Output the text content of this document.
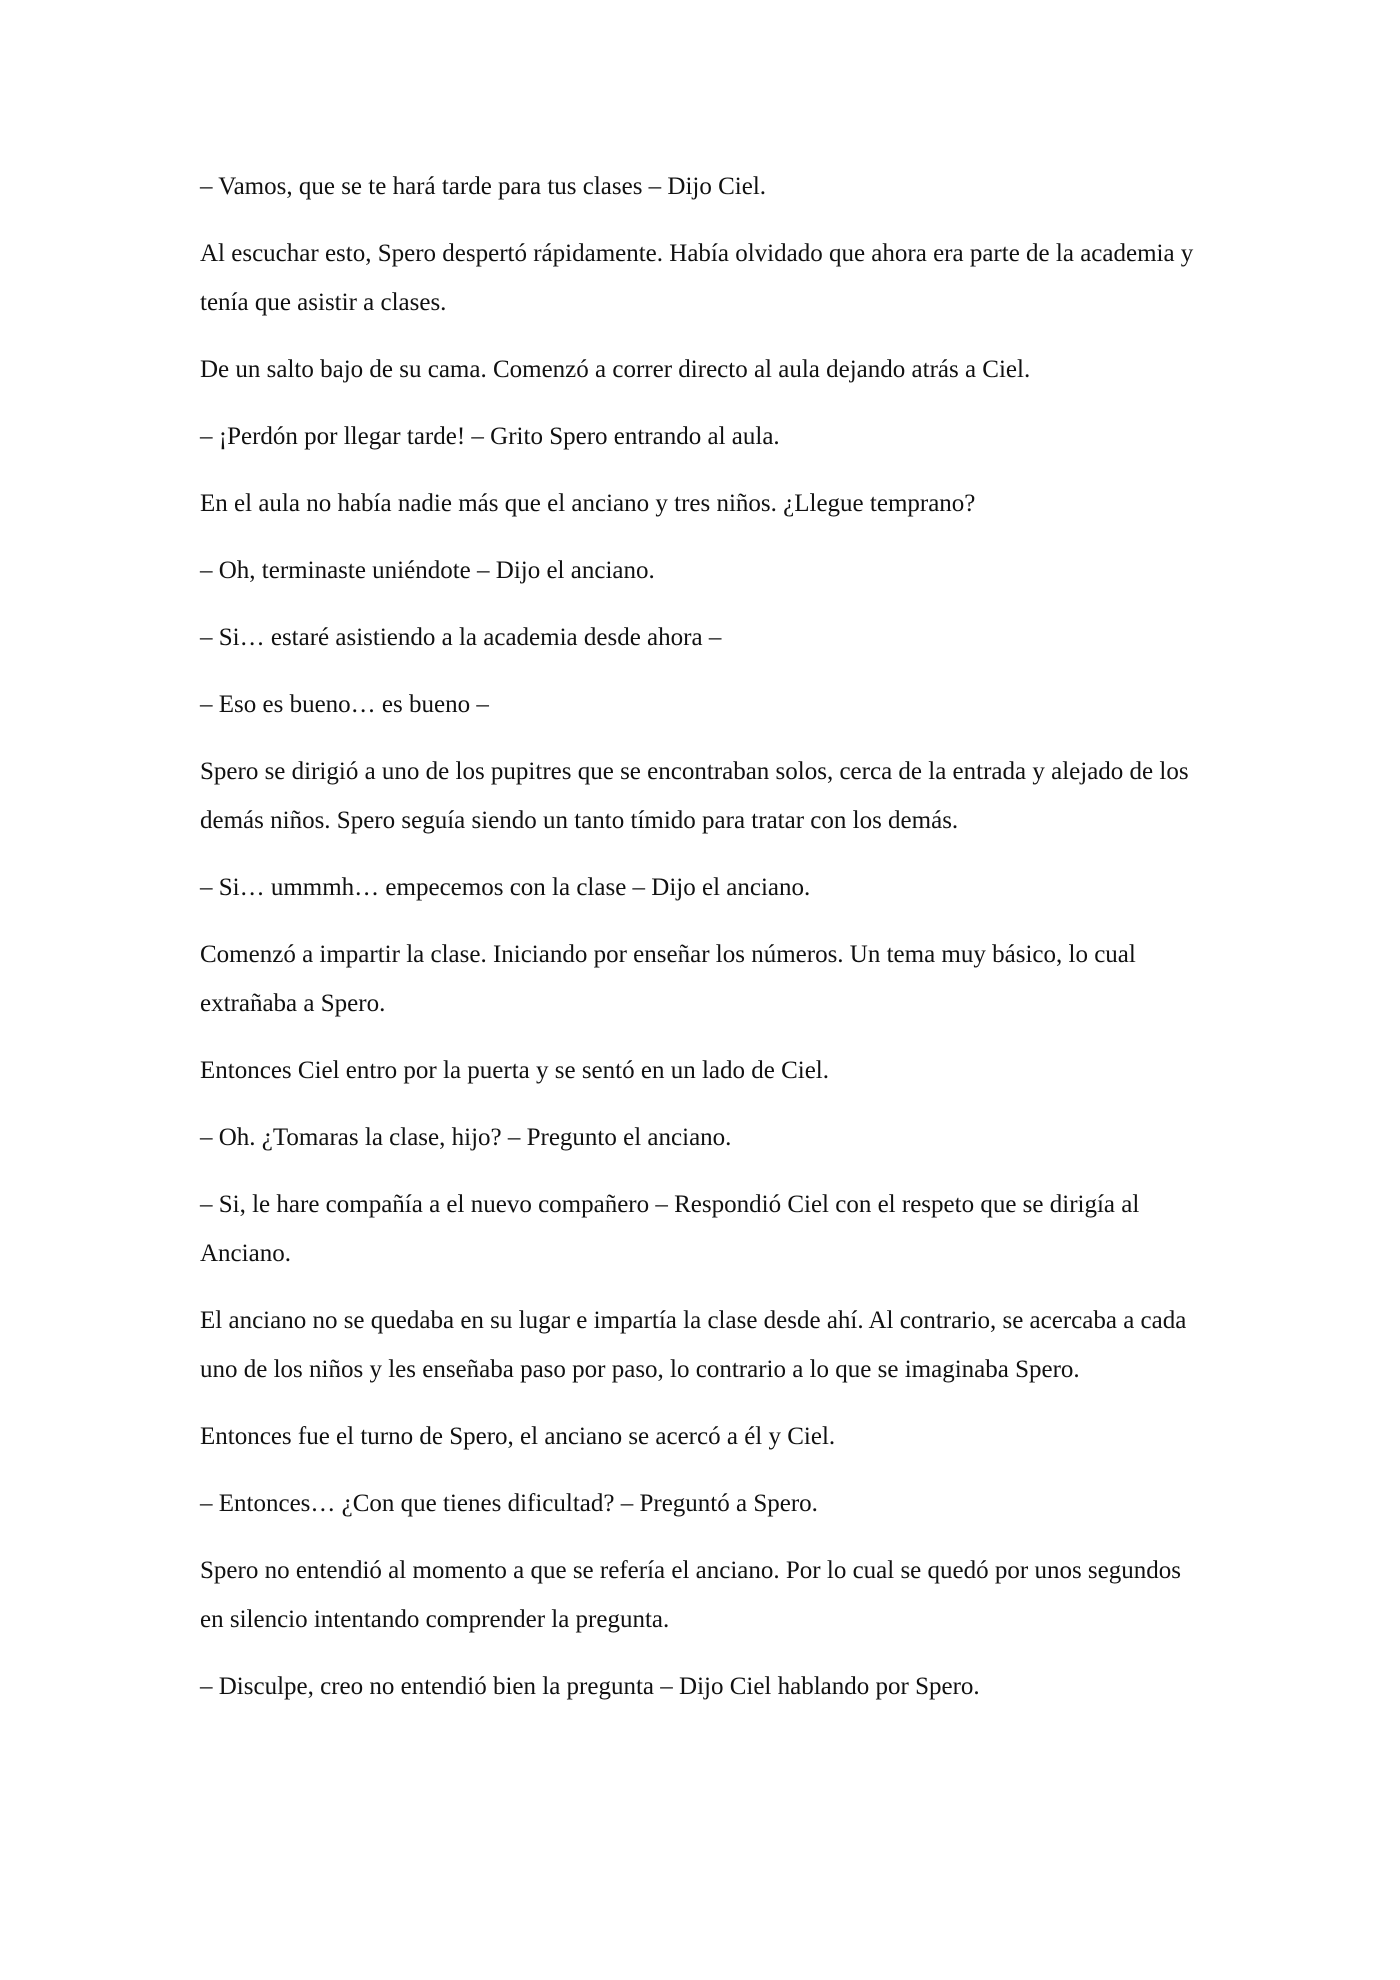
– Vamos, que se te hará tarde para tus clases – Dijo Ciel.

Al escuchar esto, Spero despertó rápidamente. Había olvidado que ahora era parte de la academia y tenía que asistir a clases.

De un salto bajo de su cama. Comenzó a correr directo al aula dejando atrás a Ciel.

– ¡Perdón por llegar tarde! – Grito Spero entrando al aula.

En el aula no había nadie más que el anciano y tres niños. ¿Llegue temprano?

– Oh, terminaste uniéndote – Dijo el anciano.

– Si… estaré asistiendo a la academia desde ahora –

– Eso es bueno… es bueno –

Spero se dirigió a uno de los pupitres que se encontraban solos, cerca de la entrada y alejado de los demás niños. Spero seguía siendo un tanto tímido para tratar con los demás.

– Si… ummmh… empecemos con la clase – Dijo el anciano.

Comenzó a impartir la clase. Iniciando por enseñar los números. Un tema muy básico, lo cual extrañaba a Spero.

Entonces Ciel entro por la puerta y se sentó en un lado de Ciel.

– Oh. ¿Tomaras la clase, hijo? – Pregunto el anciano.

– Si, le hare compañía a el nuevo compañero – Respondió Ciel con el respeto que se dirigía al Anciano.

El anciano no se quedaba en su lugar e impartía la clase desde ahí. Al contrario, se acercaba a cada uno de los niños y les enseñaba paso por paso, lo contrario a lo que se imaginaba Spero.

Entonces fue el turno de Spero, el anciano se acercó a él y Ciel.

– Entonces… ¿Con que tienes dificultad? – Preguntó a Spero.

Spero no entendió al momento a que se refería el anciano. Por lo cual se quedó por unos segundos en silencio intentando comprender la pregunta.

– Disculpe, creo no entendió bien la pregunta – Dijo Ciel hablando por Spero.
